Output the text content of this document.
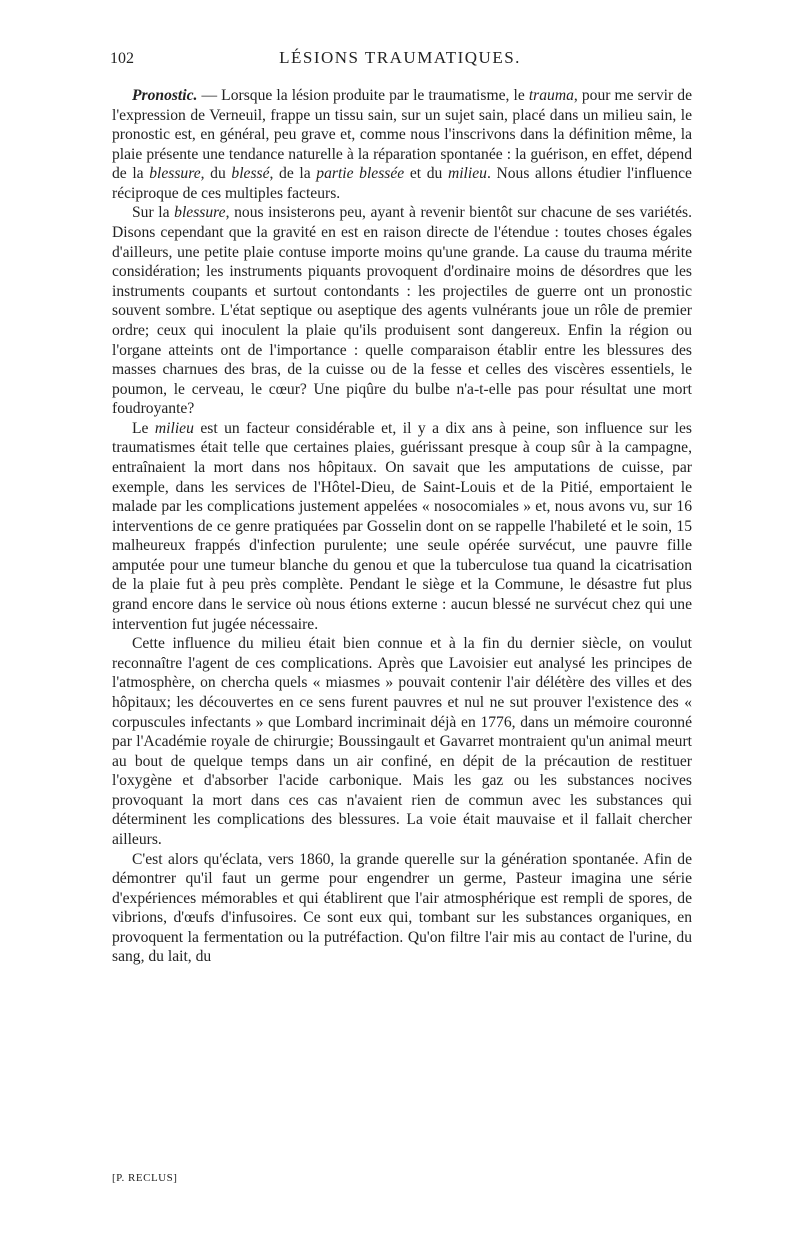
102	LÉSIONS TRAUMATIQUES.

Pronostic. — Lorsque la lésion produite par le traumatisme, le trauma, pour me servir de l'expression de Verneuil, frappe un tissu sain, sur un sujet sain, placé dans un milieu sain, le pronostic est, en général, peu grave et, comme nous l'inscrivons dans la définition même, la plaie présente une tendance naturelle à la réparation spontanée : la guérison, en effet, dépend de la blessure, du blessé, de la partie blessée et du milieu. Nous allons étudier l'influence réciproque de ces multiples facteurs.

Sur la blessure, nous insisterons peu, ayant à revenir bientôt sur chacune de ses variétés. Disons cependant que la gravité en est en raison directe de l'étendue : toutes choses égales d'ailleurs, une petite plaie contuse importe moins qu'une grande. La cause du trauma mérite considération; les instruments piquants provoquent d'ordinaire moins de désordres que les instruments coupants et surtout contondants : les projectiles de guerre ont un pronostic souvent sombre. L'état septique ou aseptique des agents vulnérants joue un rôle de premier ordre; ceux qui inoculent la plaie qu'ils produisent sont dangereux. Enfin la région ou l'organe atteints ont de l'importance : quelle comparaison établir entre les blessures des masses charnues des bras, de la cuisse ou de la fesse et celles des viscères essentiels, le poumon, le cerveau, le cœur? Une piqûre du bulbe n'a-t-elle pas pour résultat une mort foudroyante?

Le milieu est un facteur considérable et, il y a dix ans à peine, son influence sur les traumatismes était telle que certaines plaies, guérissant presque à coup sûr à la campagne, entraînaient la mort dans nos hôpitaux. On savait que les amputations de cuisse, par exemple, dans les services de l'Hôtel-Dieu, de Saint-Louis et de la Pitié, emportaient le malade par les complications justement appelées « nosocomiales » et, nous avons vu, sur 16 interventions de ce genre pratiquées par Gosselin dont on se rappelle l'habileté et le soin, 15 malheureux frappés d'infection purulente; une seule opérée survécut, une pauvre fille amputée pour une tumeur blanche du genou et que la tuberculose tua quand la cicatrisation de la plaie fut à peu près complète. Pendant le siège et la Commune, le désastre fut plus grand encore dans le service où nous étions externe : aucun blessé ne survécut chez qui une intervention fut jugée nécessaire.

Cette influence du milieu était bien connue et à la fin du dernier siècle, on voulut reconnaître l'agent de ces complications. Après que Lavoisier eut analysé les principes de l'atmosphère, on chercha quels « miasmes » pouvait contenir l'air délétère des villes et des hôpitaux; les découvertes en ce sens furent pauvres et nul ne sut prouver l'existence des « corpuscules infectants » que Lombard incriminait déjà en 1776, dans un mémoire couronné par l'Académie royale de chirurgie; Boussingault et Gavarret montraient qu'un animal meurt au bout de quelque temps dans un air confiné, en dépit de la précaution de restituer l'oxygène et d'absorber l'acide carbonique. Mais les gaz ou les substances nocives provoquant la mort dans ces cas n'avaient rien de commun avec les substances qui déterminent les complications des blessures. La voie était mauvaise et il fallait chercher ailleurs.

C'est alors qu'éclata, vers 1860, la grande querelle sur la génération spontanée. Afin de démontrer qu'il faut un germe pour engendrer un germe, Pasteur imagina une série d'expériences mémorables et qui établirent que l'air atmosphérique est rempli de spores, de vibrions, d'œufs d'infusoires. Ce sont eux qui, tombant sur les substances organiques, en provoquent la fermentation ou la putréfaction. Qu'on filtre l'air mis au contact de l'urine, du sang, du lait, du

[P. RECLUS]
